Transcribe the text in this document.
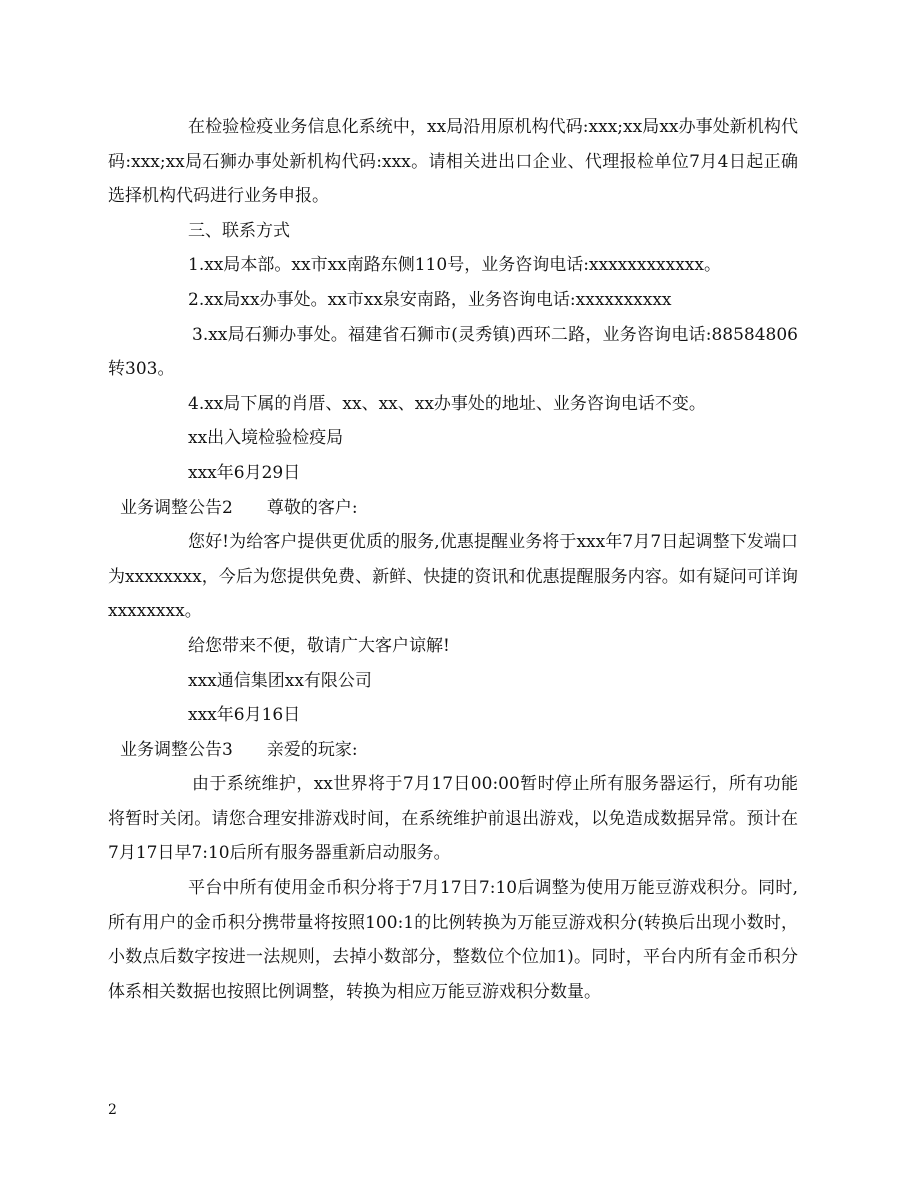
在检验检疫业务信息化系统中，xx局沿用原机构代码:xxx;xx局xx办事处新机构代码:xxx;xx局石狮办事处新机构代码:xxx。请相关进出口企业、代理报检单位7月4日起正确选择机构代码进行业务申报。

三、联系方式

1.xx局本部。xx市xx南路东侧110号，业务咨询电话:xxxxxxxxxxxx。

2.xx局xx办事处。xx市xx泉安南路，业务咨询电话:xxxxxxxxxx

3.xx局石狮办事处。福建省石狮市(灵秀镇)西环二路，业务咨询电话:88584806转303。

4.xx局下属的肖厝、xx、xx、xx办事处的地址、业务咨询电话不变。

xx出入境检验检疫局

xxx年6月29日

业务调整公告2　　尊敬的客户:

您好!为给客户提供更优质的服务,优惠提醒业务将于xxx年7月7日起调整下发端口为xxxxxxxx，今后为您提供免费、新鲜、快捷的资讯和优惠提醒服务内容。如有疑问可详询xxxxxxxx。

给您带来不便，敬请广大客户谅解!

xxx通信集团xx有限公司

xxx年6月16日

业务调整公告3　　亲爱的玩家:

由于系统维护，xx世界将于7月17日00:00暂时停止所有服务器运行，所有功能将暂时关闭。请您合理安排游戏时间，在系统维护前退出游戏，以免造成数据异常。预计在7月17日早7:10后所有服务器重新启动服务。

平台中所有使用金币积分将于7月17日7:10后调整为使用万能豆游戏积分。同时,所有用户的金币积分携带量将按照100:1的比例转换为万能豆游戏积分(转换后出现小数时，小数点后数字按进一法规则，去掉小数部分，整数位个位加1)。同时，平台内所有金币积分体系相关数据也按照比例调整，转换为相应万能豆游戏积分数量。

2
